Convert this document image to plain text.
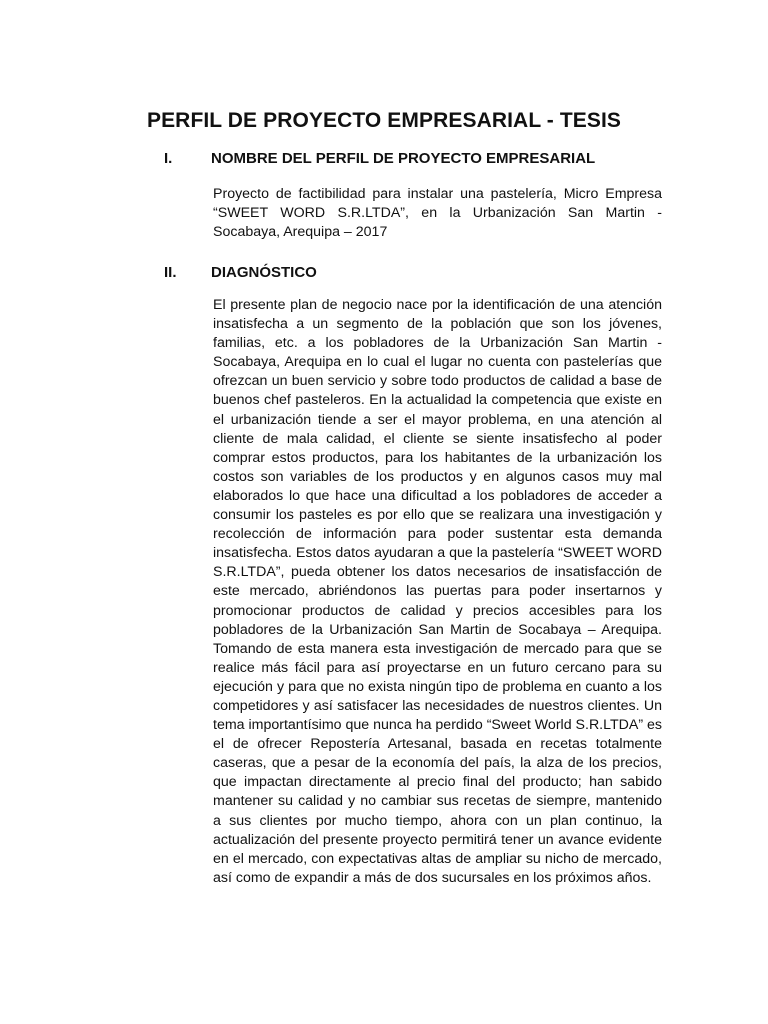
PERFIL DE PROYECTO EMPRESARIAL - TESIS
I.	NOMBRE DEL PERFIL DE PROYECTO EMPRESARIAL

Proyecto de factibilidad para instalar una pastelería, Micro Empresa “SWEET WORD S.R.LTDA”, en la Urbanización San Martin - Socabaya, Arequipa – 2017

II.	DIAGNÓSTICO

El presente plan de negocio nace por la identificación de una atención insatisfecha a un segmento de la población que son los jóvenes, familias, etc. a los pobladores de la Urbanización San Martin - Socabaya, Arequipa en lo cual el lugar no cuenta con pastelerías que ofrezcan un buen servicio y sobre todo productos de calidad a base de buenos chef pasteleros. En la actualidad la competencia que existe en el urbanización tiende a ser el mayor problema, en una atención al cliente de mala calidad, el cliente se siente insatisfecho al poder comprar estos productos, para los habitantes de la urbanización los costos son variables de los productos y en algunos casos muy mal elaborados lo que hace una dificultad a los pobladores de acceder a consumir los pasteles es por ello que se realizara una investigación y recolección de información para poder sustentar esta demanda insatisfecha. Estos datos ayudaran a que la pastelería “SWEET WORD S.R.LTDA”, pueda obtener los datos necesarios de insatisfacción de este mercado, abriéndonos las puertas para poder insertarnos y promocionar productos de calidad y precios accesibles para los pobladores de la Urbanización San Martin de Socabaya – Arequipa. Tomando de esta manera esta investigación de mercado para que se realice más fácil para así proyectarse en un futuro cercano para su ejecución y para que no exista ningún tipo de problema en cuanto a los competidores y así satisfacer las necesidades de nuestros clientes. Un tema importantísimo que nunca ha perdido “Sweet World S.R.LTDA” es el de ofrecer Repostería Artesanal, basada en recetas totalmente caseras, que a pesar de la economía del país, la alza de los precios, que impactan directamente al precio final del producto; han sabido mantener su calidad y no cambiar sus recetas de siempre, mantenido a sus clientes por mucho tiempo, ahora con un plan continuo, la actualización del presente proyecto permitirá tener un avance evidente en el mercado, con expectativas altas de ampliar su nicho de mercado, así como de expandir a más de dos sucursales en los próximos años.
